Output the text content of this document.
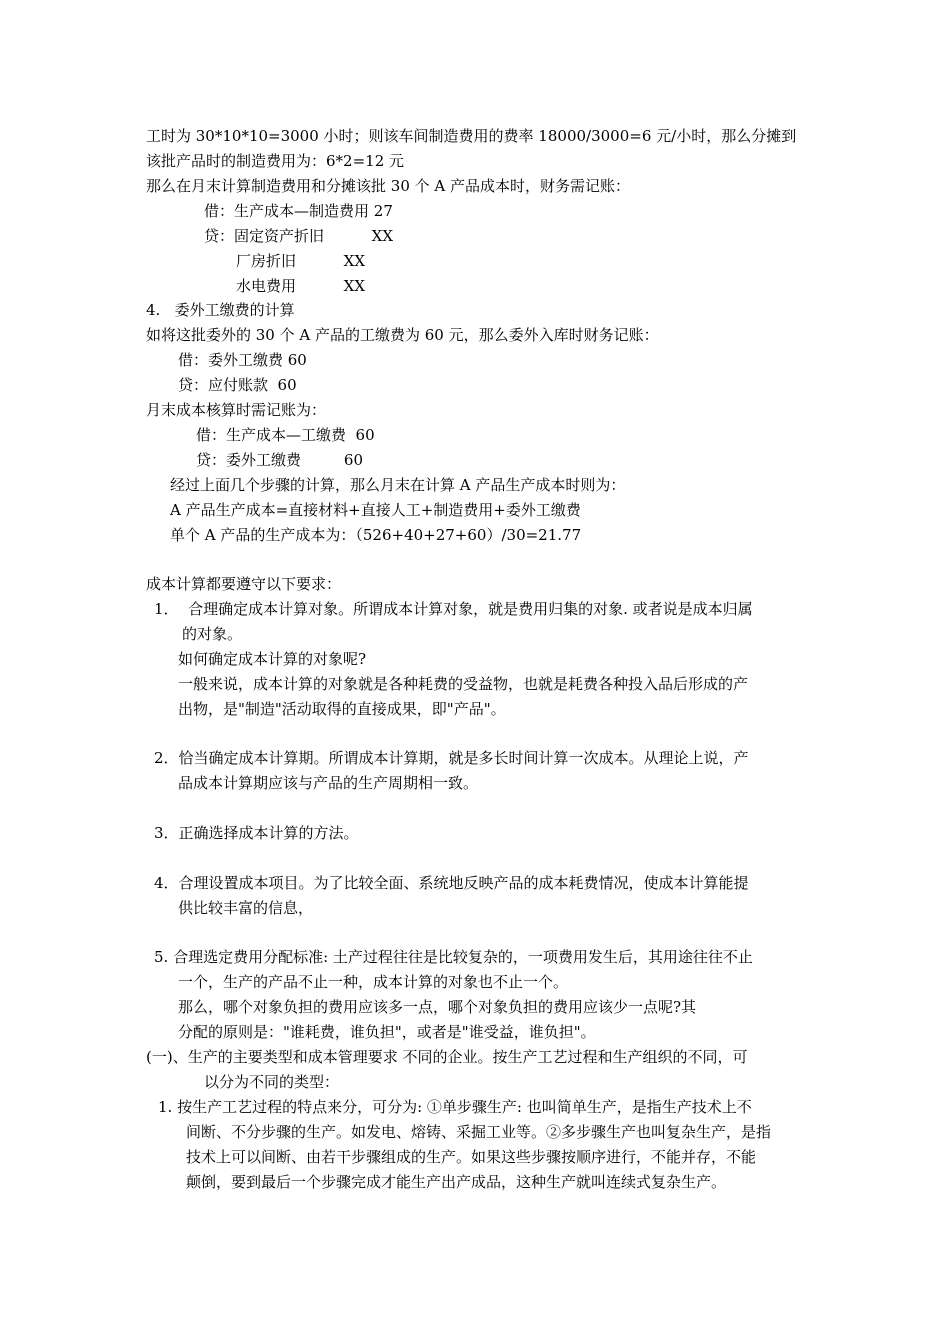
工时为 30*10*10=3000 小时；则该车间制造费用的费率 18000/3000=6 元/小时，那么分摊到
该批产品时的制造费用为：6*2=12 元
那么在月末计算制造费用和分摊该批 30 个 A 产品成本时，财务需记账：
借：生产成本—制造费用 27
贷：固定资产折旧          XX
厂房折旧          XX
水电费用          XX
4.   委外工缴费的计算
如将这批委外的 30 个 A 产品的工缴费为 60 元，那么委外入库时财务记账：
借：委外工缴费 60
贷：应付账款  60
月末成本核算时需记账为：
借：生产成本—工缴费  60
贷：委外工缴费         60
经过上面几个步骤的计算，那么月末在计算 A 产品生产成本时则为：
A 产品生产成本=直接材料+直接人工+制造费用+委外工缴费
单个 A 产品的生产成本为：（526+40+27+60）/30=21.77
成本计算都要遵守以下要求：
1．  合理确定成本计算对象。所谓成本计算对象，就是费用归集的对象. 或者说是成本归属
的对象。
如何确定成本计算的对象呢?
一般来说，成本计算的对象就是各种耗费的受益物，也就是耗费各种投入品后形成的产
出物，是"制造"活动取得的直接成果，即"产品"。
2．恰当确定成本计算期。所谓成本计算期，就是多长时间计算一次成本。从理论上说，产
品成本计算期应该与产品的生产周期相一致。
3．正确选择成本计算的方法。
4．合理设置成本项目。为了比较全面、系统地反映产品的成本耗费情况，使成本计算能提
供比较丰富的信息，
5. 合理选定费用分配标准: 土产过程往往是比较复杂的，一项费用发生后，其用途往往不止
一个，生产的产品不止一种，成本计算的对象也不止一个。
那么，哪个对象负担的费用应该多一点，哪个对象负担的费用应该少一点呢?其
分配的原则是："谁耗费，谁负担"，或者是"谁受益，谁负担"。
(一)、生产的主要类型和成本管理要求 不同的企业。按生产工艺过程和生产组织的不同，可
以分为不同的类型：
1. 按生产工艺过程的特点来分，可分为: ①单步骤生产: 也叫简单生产，是指生产技术上不
间断、不分步骤的生产。如发电、熔铸、采掘工业等。②多步骤生产也叫复杂生产，是指
技术上可以间断、由若干步骤组成的生产。如果这些步骤按顺序进行，不能并存，不能
颠倒，要到最后一个步骤完成才能生产出产成品，这种生产就叫连续式复杂生产。
